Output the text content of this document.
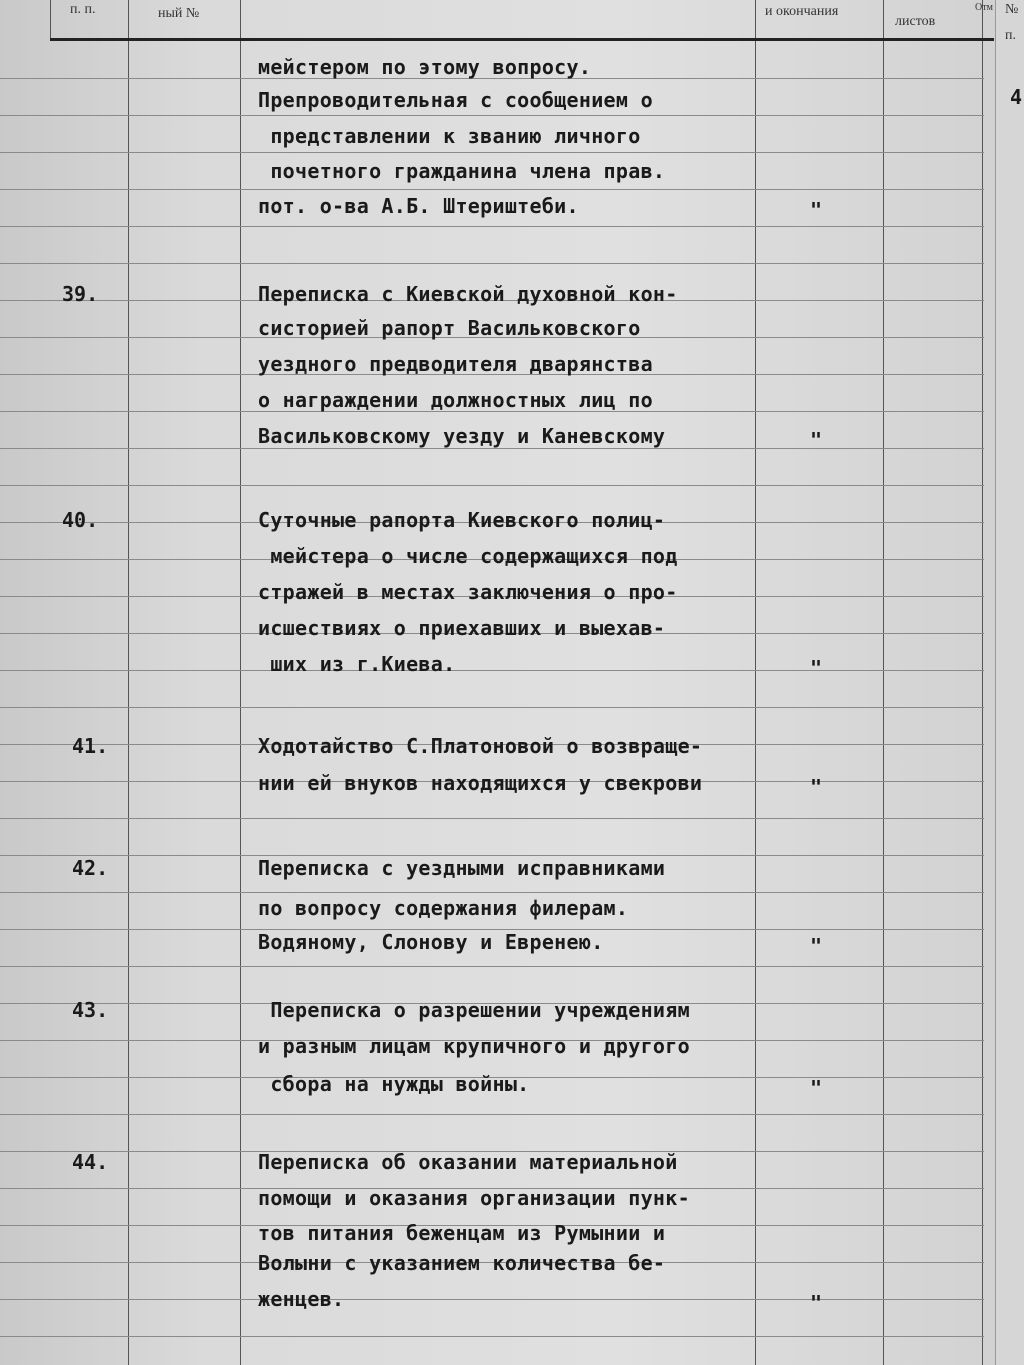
п. п.	ный №	и окончания
листов
Отм №
п.
4
мейстером по этому вопросу.
Препроводительная с сообщением о
представлении к званию личного
почетного гражданина члена прав.
пот. о-ва А.Б. Штериштеби.	"
39.	Переписка с Киевской духовной кон-
систорией рапорт Васильковского
уездного предводителя дварянства
о награждении должностных лиц по
Васильковскому уезду и Каневскому	"
40.	Суточные рапорта Киевского полиц-
мейстера о числе содержащихся под
стражей в местах заключения о про-
исшествиях о приехавших и выехав-
ших из г.Киева.	"
41.	Ходотайство С.Платоновой о возвраще-
нии ей внуков находящихся у свекрови	"
42.	Переписка с уездными исправниками
по вопросу содержания филерам.
Водяному, Слонову и Евренею.	"
43.	Переписка о разрешении учреждениям
и разным лицам крупичного и другого
сбора на нужды войны.	"
44.	Переписка об оказании материальной
помощи и оказания организации пунк-
тов питания беженцам из Румынии и
Волыни с указанием количества бе-
женцев.	"
